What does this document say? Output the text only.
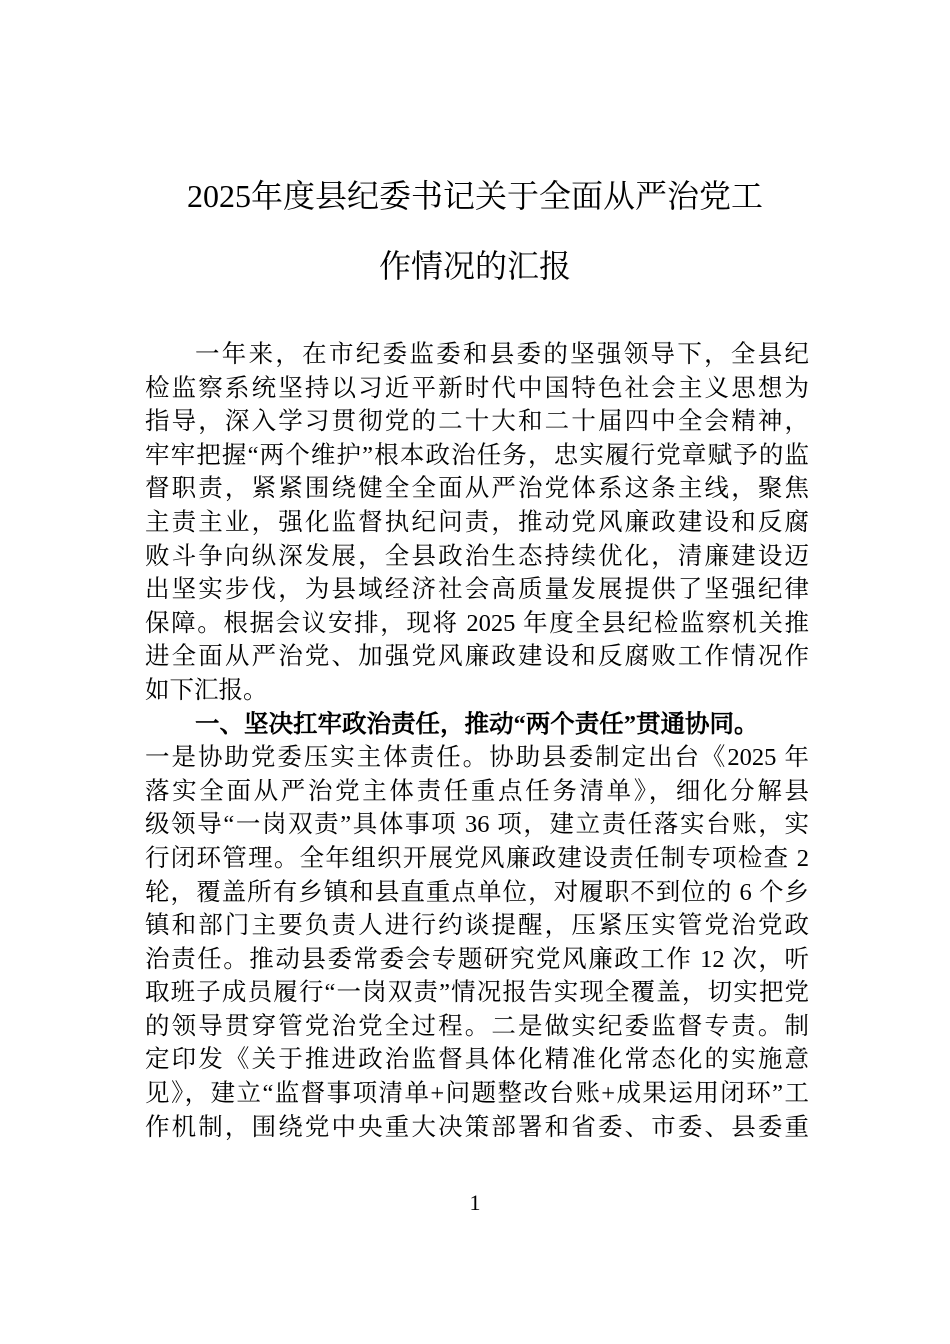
2025年度县纪委书记关于全面从严治党工
作情况的汇报
一年来，在市纪委监委和县委的坚强领导下，全县纪
检监察系统坚持以习近平新时代中国特色社会主义思想为
指导，深入学习贯彻党的二十大和二十届四中全会精神，
牢牢把握“两个维护”根本政治任务，忠实履行党章赋予的监
督职责，紧紧围绕健全全面从严治党体系这条主线，聚焦
主责主业，强化监督执纪问责，推动党风廉政建设和反腐
败斗争向纵深发展，全县政治生态持续优化，清廉建设迈
出坚实步伐，为县域经济社会高质量发展提供了坚强纪律
保障。根据会议安排，现将 2025 年度全县纪检监察机关推
进全面从严治党、加强党风廉政建设和反腐败工作情况作
如下汇报。
一、坚决扛牢政治责任，推动“两个责任”贯通协同。
一是协助党委压实主体责任。协助县委制定出台《2025 年
落实全面从严治党主体责任重点任务清单》，细化分解县
级领导“一岗双责”具体事项 36 项，建立责任落实台账，实
行闭环管理。全年组织开展党风廉政建设责任制专项检查 2
轮，覆盖所有乡镇和县直重点单位，对履职不到位的 6 个乡
镇和部门主要负责人进行约谈提醒，压紧压实管党治党政
治责任。推动县委常委会专题研究党风廉政工作 12 次，听
取班子成员履行“一岗双责”情况报告实现全覆盖，切实把党
的领导贯穿管党治党全过程。二是做实纪委监督专责。制
定印发《关于推进政治监督具体化精准化常态化的实施意
见》，建立“监督事项清单+问题整改台账+成果运用闭环”工
作机制，围绕党中央重大决策部署和省委、市委、县委重
1
